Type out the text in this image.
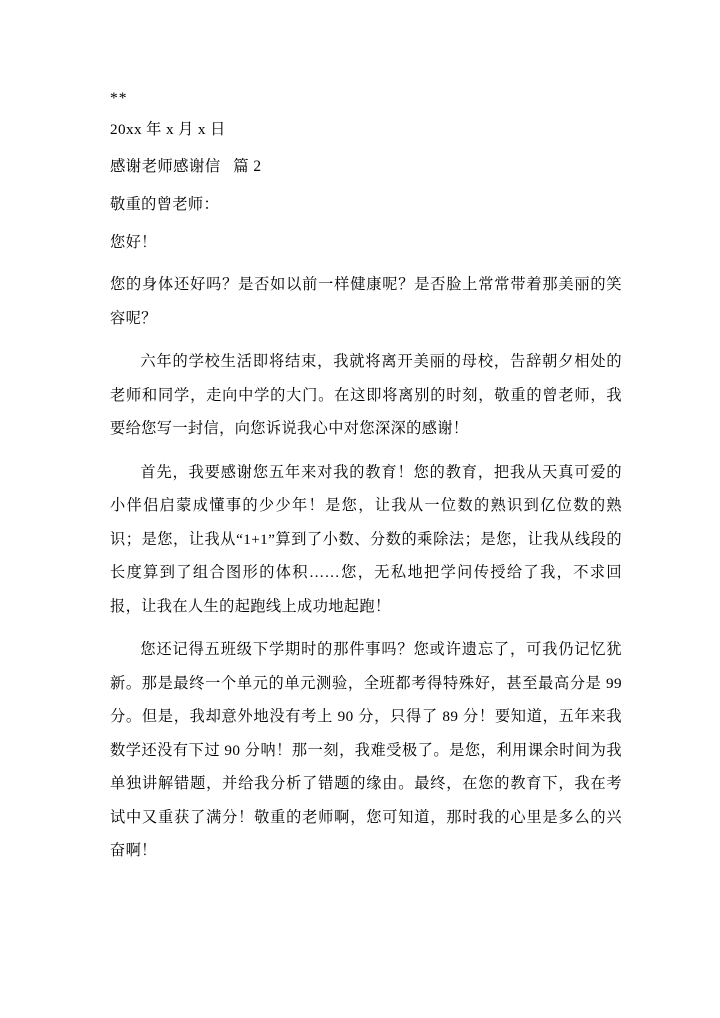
**
20xx 年 x 月 x 日
感谢老师感谢信   篇 2
敬重的曾老师：
您好！
您的身体还好吗？是否如以前一样健康呢？是否脸上常常带着那美丽的笑容呢？
六年的学校生活即将结束，我就将离开美丽的母校，告辞朝夕相处的老师和同学，走向中学的大门。在这即将离别的时刻，敬重的曾老师，我要给您写一封信，向您诉说我心中对您深深的感谢！
首先，我要感谢您五年来对我的教育！您的教育，把我从天真可爱的小伴侣启蒙成懂事的少少年！是您，让我从一位数的熟识到亿位数的熟识；是您，让我从“1+1”算到了小数、分数的乘除法；是您，让我从线段的长度算到了组合图形的体积……您，无私地把学问传授给了我，不求回报，让我在人生的起跑线上成功地起跑！
您还记得五班级下学期时的那件事吗？您或许遗忘了，可我仍记忆犹新。那是最终一个单元的单元测验，全班都考得特殊好，甚至最高分是 99 分。但是，我却意外地没有考上 90 分，只得了 89 分！要知道，五年来我数学还没有下过 90 分呐！那一刻，我难受极了。是您，利用课余时间为我单独讲解错题，并给我分析了错题的缘由。最终，在您的教育下，我在考试中又重获了满分！敬重的老师啊，您可知道，那时我的心里是多么的兴奋啊！
